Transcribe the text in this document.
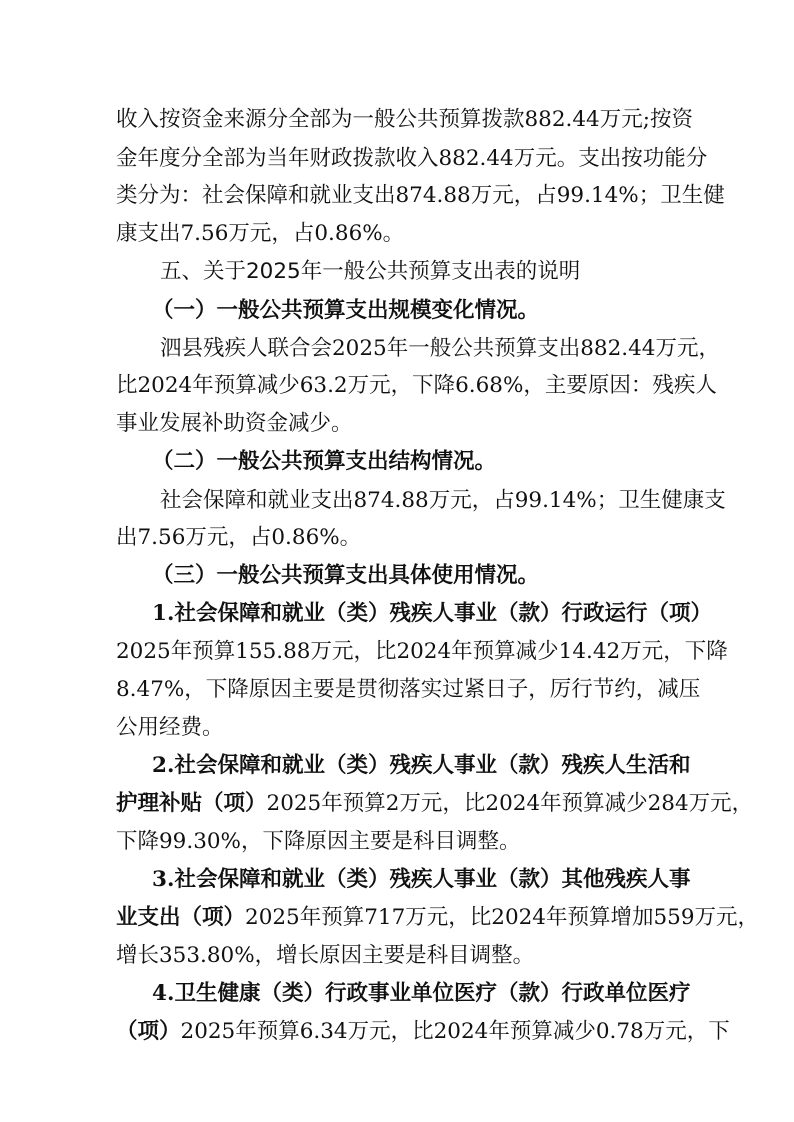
收入按资金来源分全部为一般公共预算拨款882.44万元;按资
金年度分全部为当年财政拨款收入882.44万元。支出按功能分
类分为：社会保障和就业支出874.88万元，占99.14%；卫生健
康支出7.56万元，占0.86%。
五、关于2025年一般公共预算支出表的说明
（一）一般公共预算支出规模变化情况。
泗县残疾人联合会2025年一般公共预算支出882.44万元，
比2024年预算减少63.2万元，下降6.68%，主要原因：残疾人
事业发展补助资金减少。
（二）一般公共预算支出结构情况。
社会保障和就业支出874.88万元，占99.14%；卫生健康支
出7.56万元，占0.86%。
（三）一般公共预算支出具体使用情况。
1.社会保障和就业（类）残疾人事业（款）行政运行（项）
2025年预算155.88万元，比2024年预算减少14.42万元，下降
8.47%，下降原因主要是贯彻落实过紧日子，厉行节约，减压
公用经费。
2.社会保障和就业（类）残疾人事业（款）残疾人生活和
护理补贴（项） 2025年预算2万元，比2024年预算减少284万元，
下降99.30%，下降原因主要是科目调整。
3.社会保障和就业（类）残疾人事业（款）其他残疾人事
业支出（项） 2025年预算717万元，比2024年预算增加559万元，
增长353.80%，增长原因主要是科目调整。
4.卫生健康（类）行政事业单位医疗（款）行政单位医疗
（项） 2025年预算6.34万元，比2024年预算减少0.78万元，下
